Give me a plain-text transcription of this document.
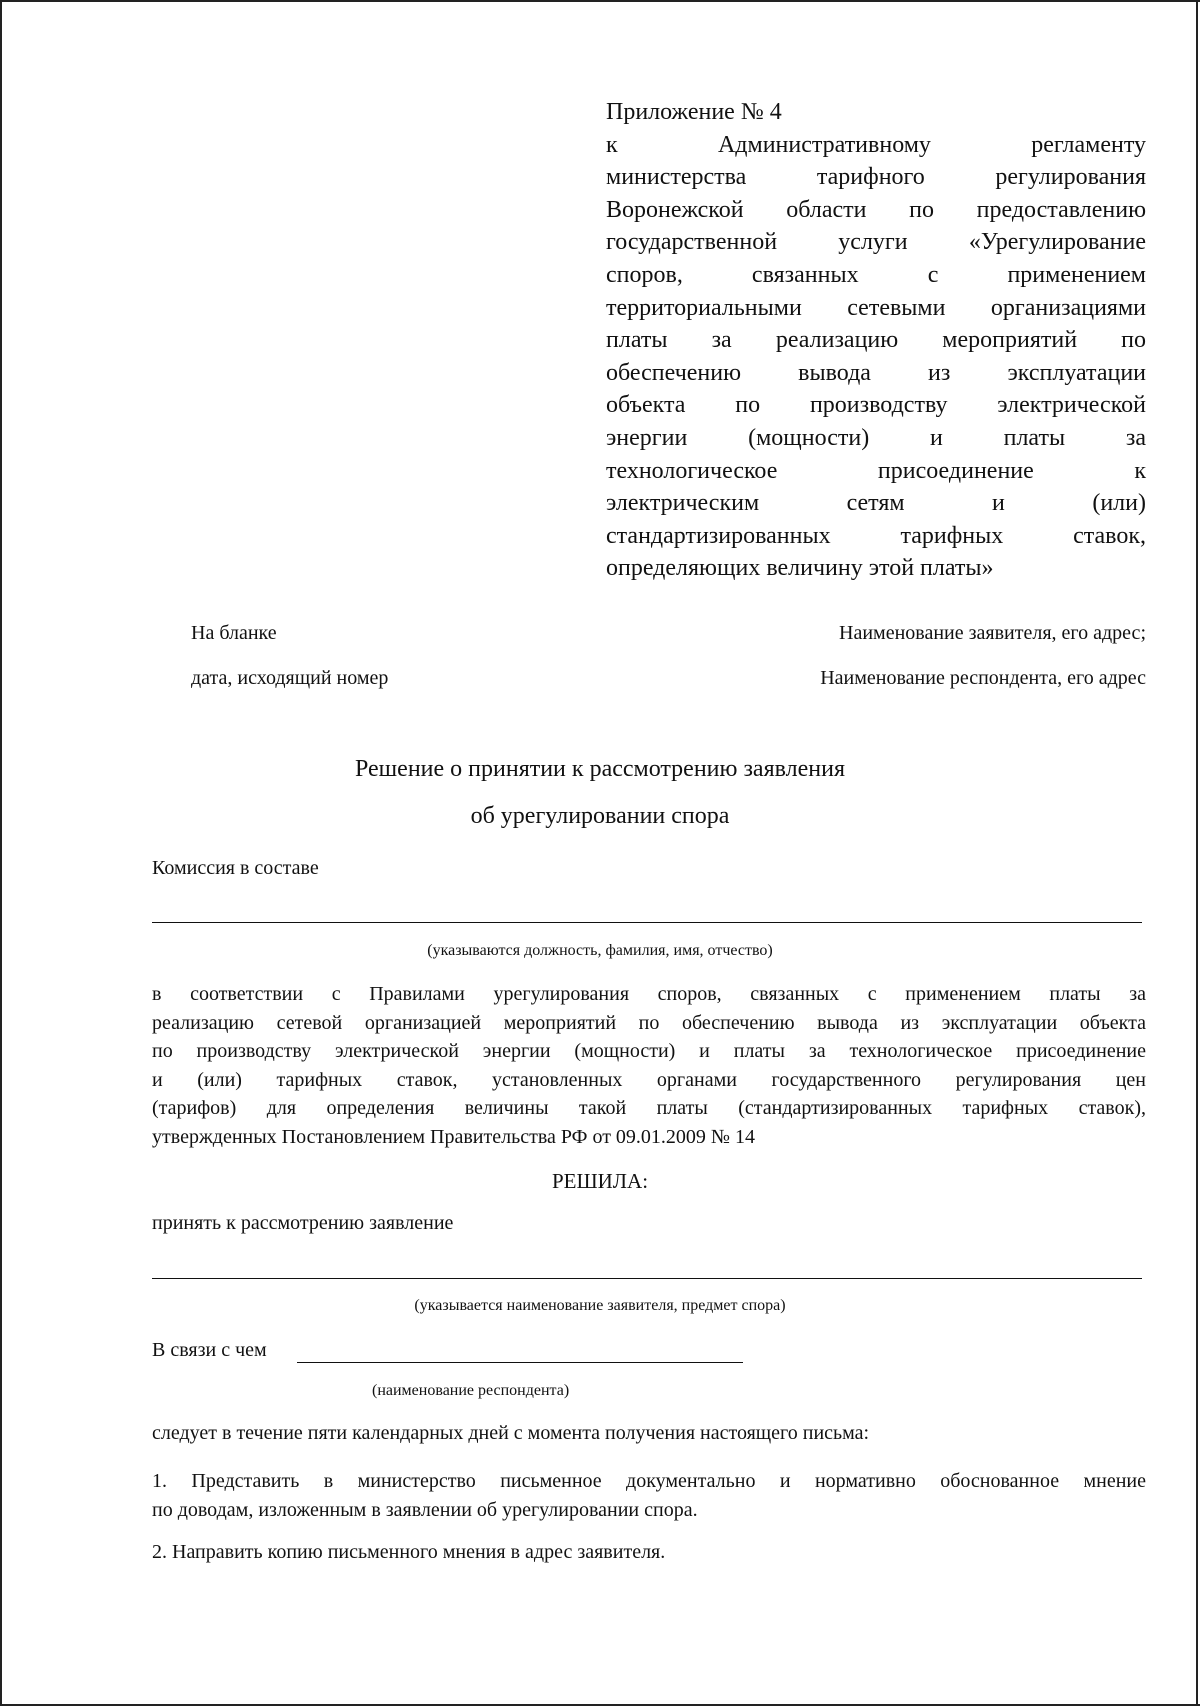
Приложение № 4
к Административному регламенту
министерства тарифного регулирования
Воронежской области по предоставлению
государственной услуги «Урегулирование
споров, связанных с применением
территориальными сетевыми организациями
платы за реализацию мероприятий по
обеспечению вывода из эксплуатации
объекта по производству электрической
энергии (мощности) и платы за
технологическое присоединение к
электрическим сетям и (или)
стандартизированных тарифных ставок,
определяющих величину этой платы»
На бланке
дата, исходящий номер
Наименование заявителя, его адрес;
Наименование респондента, его адрес
Решение о принятии к рассмотрению заявления
об урегулировании спора
Комиссия в составе
(указываются должность, фамилия, имя, отчество)
в соответствии с Правилами урегулирования споров, связанных с применением платы за
реализацию сетевой организацией мероприятий по обеспечению вывода из эксплуатации объекта
по производству электрической энергии (мощности) и платы за технологическое присоединение
и (или) тарифных ставок, установленных органами государственного регулирования цен
(тарифов) для определения величины такой платы (стандартизированных тарифных ставок),
утвержденных Постановлением Правительства РФ от 09.01.2009 № 14
РЕШИЛА:
принять к рассмотрению заявление
(указывается наименование заявителя, предмет спора)
В связи с чем
(наименование респондента)
следует в течение пяти календарных дней с момента получения настоящего письма:
1. Представить в министерство письменное документально и нормативно обоснованное мнение
по доводам, изложенным в заявлении об урегулировании спора.
2. Направить копию письменного мнения в адрес заявителя.
